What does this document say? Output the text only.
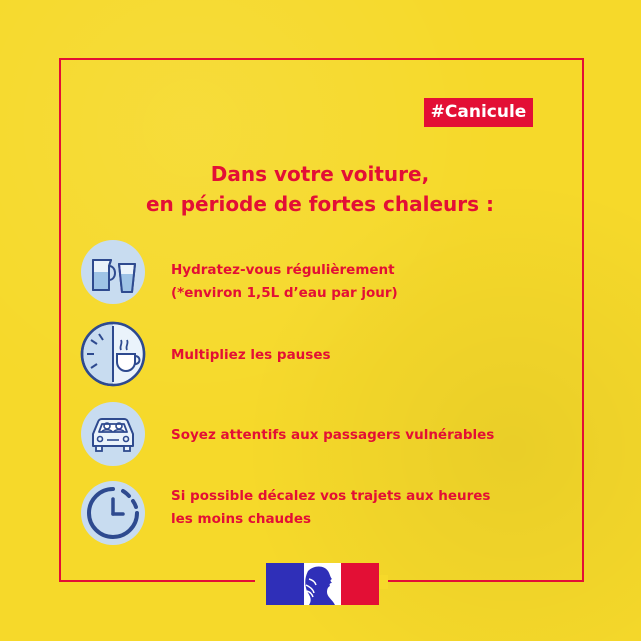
#Canicule
Dans votre voiture,
en période de fortes chaleurs :
Hydratez-vous régulièrement
(*environ 1,5L d’eau par jour)
Multipliez les pauses
Soyez attentifs aux passagers vulnérables
Si possible décalez vos trajets aux heures
les moins chaudes
